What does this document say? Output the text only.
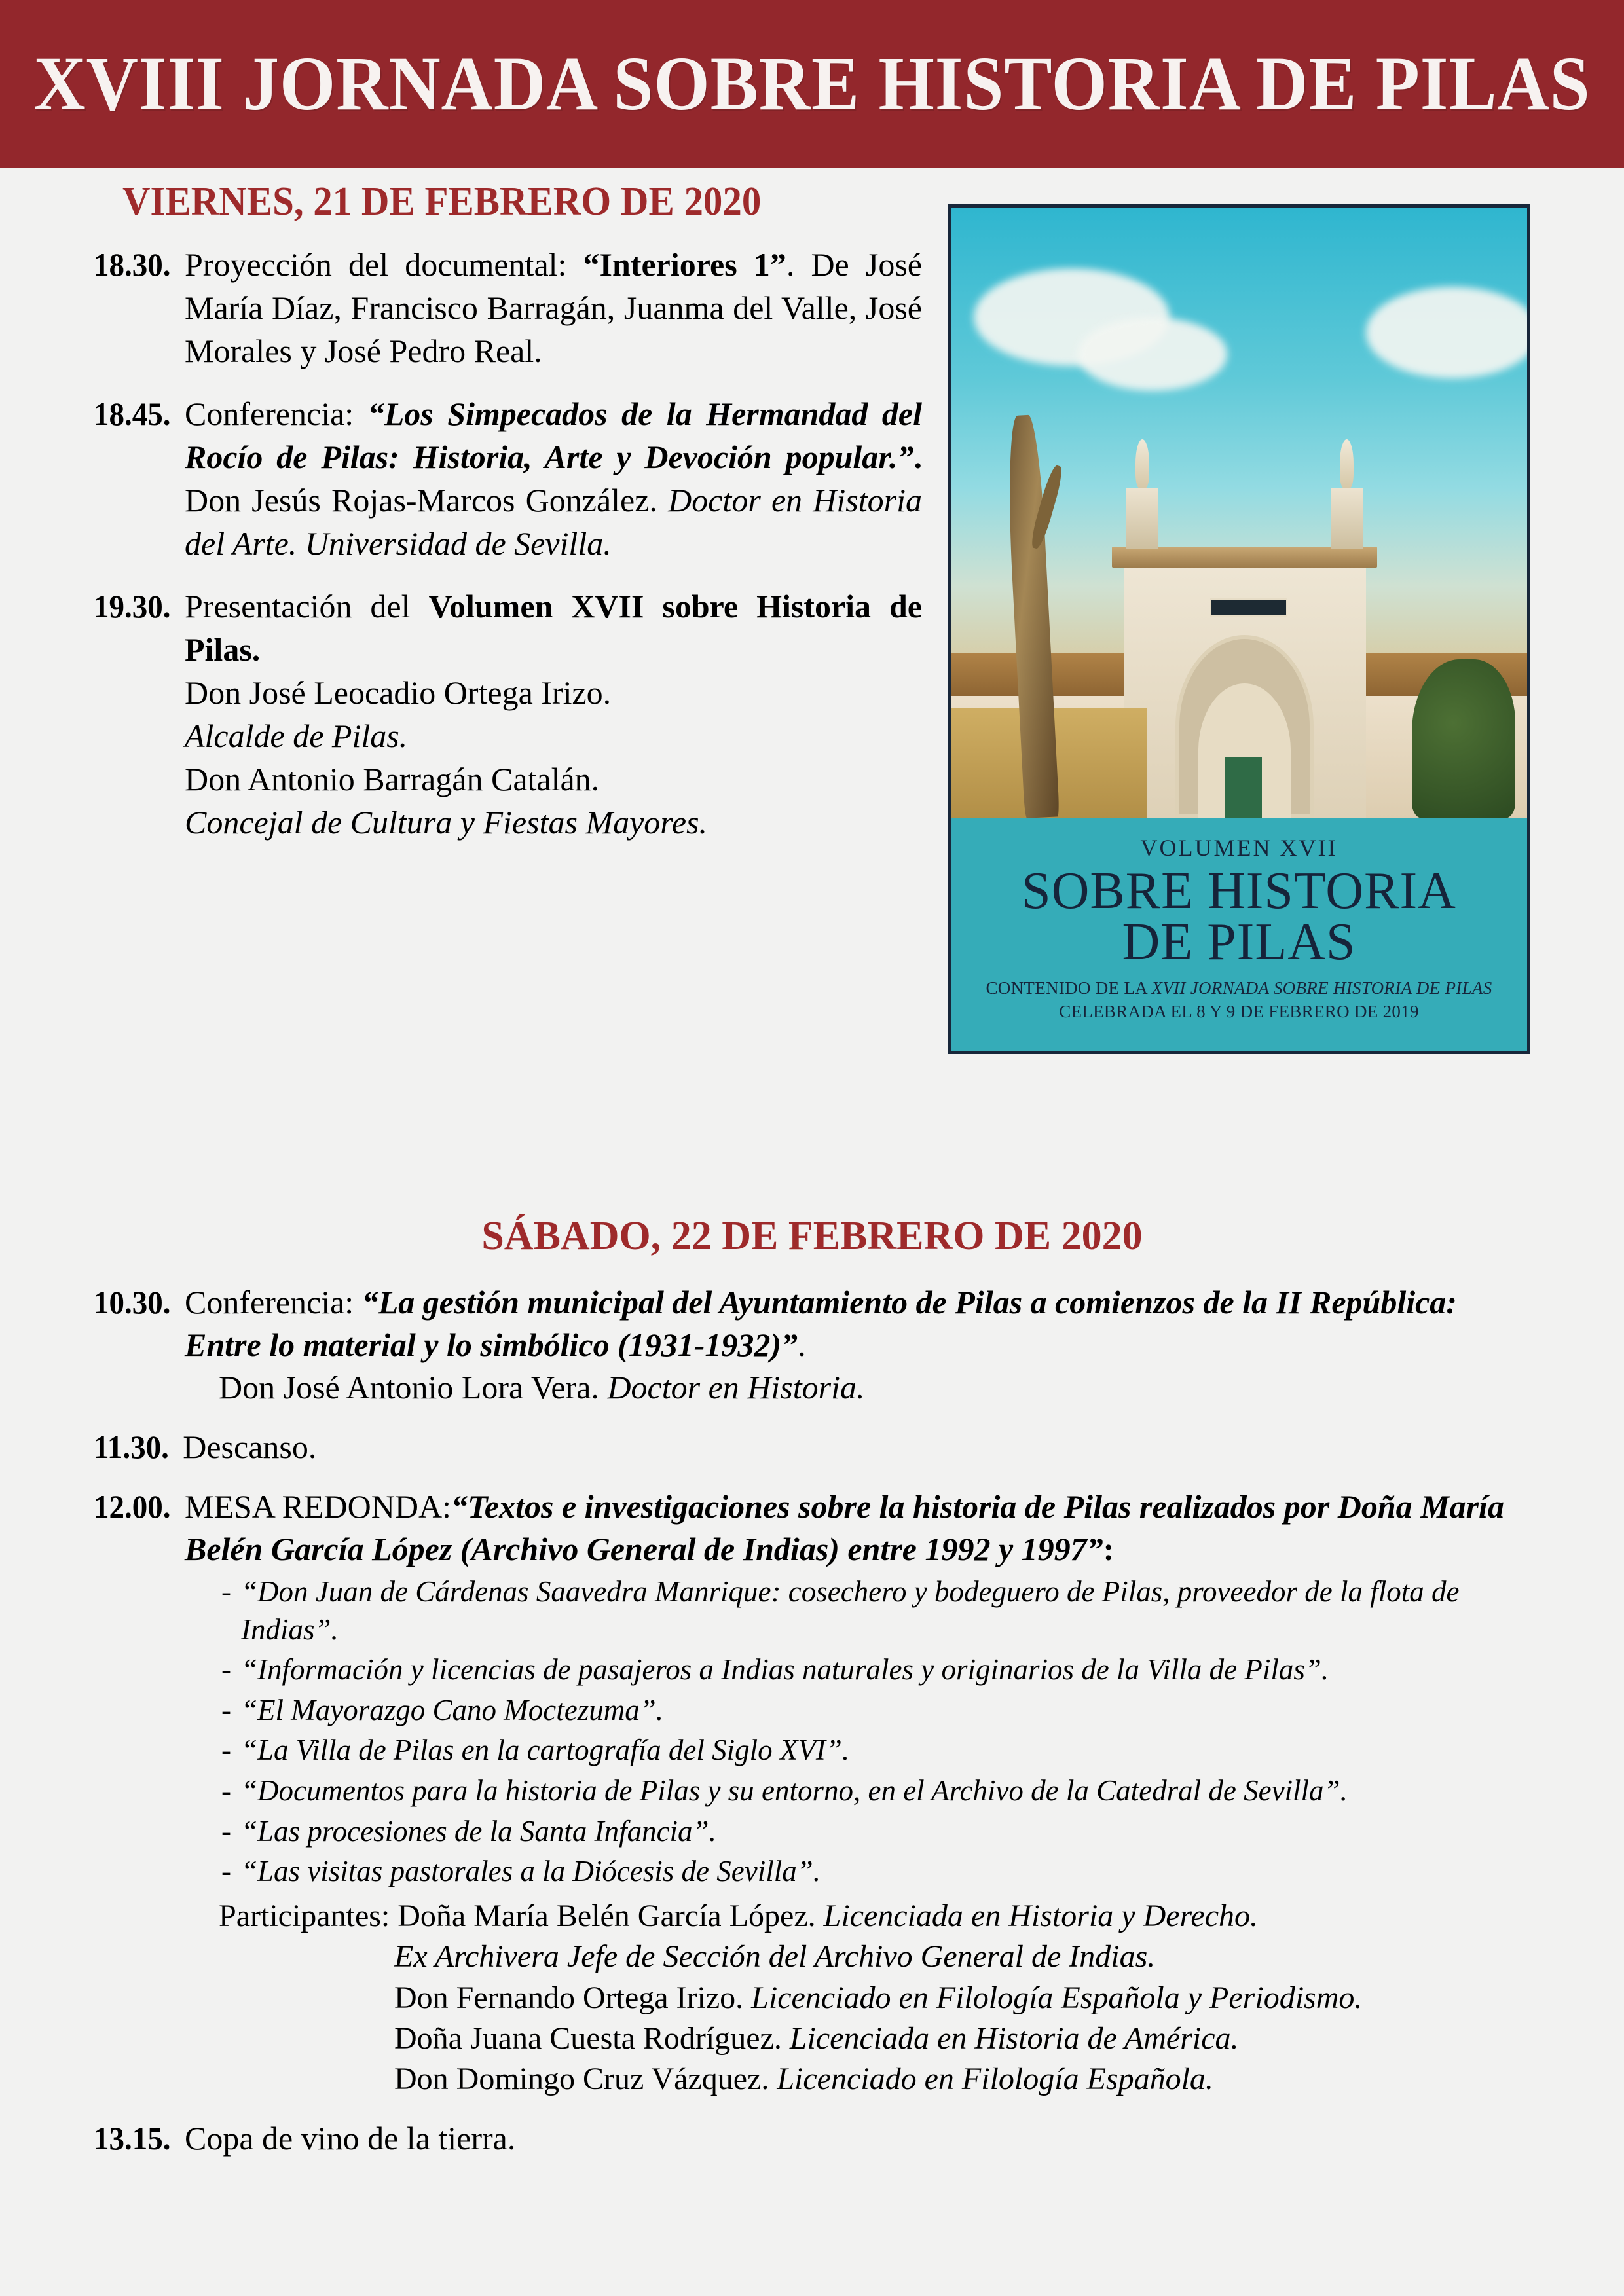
XVIII JORNADA SOBRE HISTORIA DE PILAS
VIERNES, 21 DE FEBRERO DE 2020
18.30. Proyección del documental: “Interiores 1”. De José María Díaz, Francisco Barragán, Juanma del Valle, José Morales y José Pedro Real.
18.45. Conferencia: “Los Simpecados de la Hermandad del Rocío de Pilas: Historia, Arte y Devoción popular.”. Don Jesús Rojas-Marcos González. Doctor en Historia del Arte. Universidad de Sevilla.
19.30. Presentación del Volumen XVII sobre Historia de Pilas.
Don José Leocadio Ortega Irizo.
Alcalde de Pilas.
Don Antonio Barragán Catalán.
Concejal de Cultura y Fiestas Mayores.
VOLUMEN XVII
SOBRE HISTORIA
DE PILAS
CONTENIDO DE LA XVII JORNADA SOBRE HISTORIA DE PILAS
CELEBRADA EL 8 Y 9 DE FEBRERO DE 2019
SÁBADO, 22 DE FEBRERO DE 2020
10.30. Conferencia: “La gestión municipal del Ayuntamiento de Pilas a comienzos de la II República: Entre lo material y lo simbólico (1931-1932)”.
Don José Antonio Lora Vera. Doctor en Historia.
11.30. Descanso.
12.00. MESA REDONDA:“Textos e investigaciones sobre la historia de Pilas realizados por Doña María Belén García López (Archivo General de Indias) entre 1992 y 1997”:
- “Don Juan de Cárdenas Saavedra Manrique: cosechero y bodeguero de Pilas, proveedor de la flota de Indias”.
- “Información y licencias de pasajeros a Indias naturales y originarios de la Villa de Pilas”.
- “El Mayorazgo Cano Moctezuma”.
- “La Villa de Pilas en la cartografía del Siglo XVI”.
- “Documentos para la historia de Pilas y su entorno, en el Archivo de la Catedral de Sevilla”.
- “Las procesiones de la Santa Infancia”.
- “Las visitas pastorales a la Diócesis de Sevilla”.
Participantes: Doña María Belén García López. Licenciada en Historia y Derecho.
Ex Archivera Jefe de Sección del Archivo General de Indias.
Don Fernando Ortega Irizo. Licenciado en Filología Española y Periodismo.
Doña Juana Cuesta Rodríguez. Licenciada en Historia de América.
Don Domingo Cruz Vázquez. Licenciado en Filología Española.
13.15. Copa de vino de la tierra.
